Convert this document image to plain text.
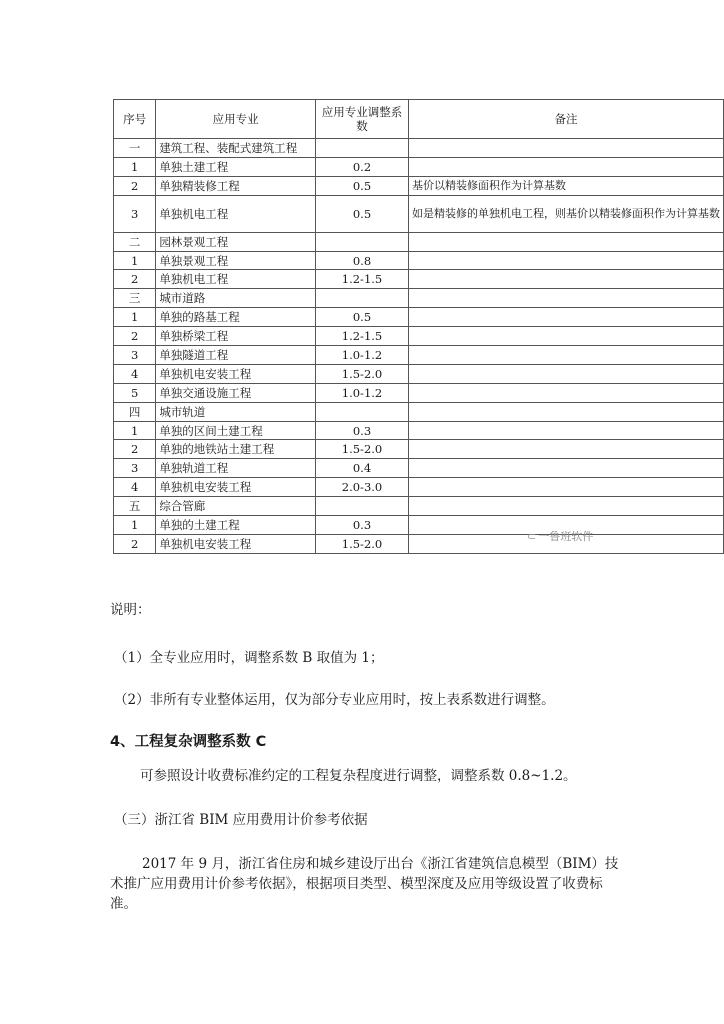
序号	应用专业	应用专业调整系数	备注
一	建筑工程、装配式建筑工程		
1	单独土建工程	0.2	
2	单独精装修工程	0.5	基价以精装修面积作为计算基数
3	单独机电工程	0.5	如是精装修的单独机电工程，则基价以精装修面积作为计算基数
二	园林景观工程		
1	单独景观工程	0.8	
2	单独机电工程	1.2-1.5	
三	城市道路		
1	单独的路基工程	0.5	
2	单独桥梁工程	1.2-1.5	
3	单独隧道工程	1.0-1.2	
4	单独机电安装工程	1.5-2.0	
5	单独交通设施工程	1.0-1.2	
四	城市轨道		
1	单独的区间土建工程	0.3	
2	单独的地铁站土建工程	1.5-2.0	
3	单独轨道工程	0.4	
4	单独机电安装工程	2.0-3.0	
五	综合管廊		
1	单独的土建工程	0.3	
2	单独机电安装工程	1.5-2.0	
⊂ 一鲁班软件
说明：
（1）全专业应用时，调整系数 B 取值为 1；
（2）非所有专业整体运用，仅为部分专业应用时，按上表系数进行调整。
4、工程复杂调整系数 C
可参照设计收费标准约定的工程复杂程度进行调整，调整系数 0.8~1.2。
（三）浙江省 BIM 应用费用计价参考依据
2017 年 9 月，浙江省住房和城乡建设厅出台《浙江省建筑信息模型（BIM）技术推广应用费用计价参考依据》，根据项目类型、模型深度及应用等级设置了收费标准。
